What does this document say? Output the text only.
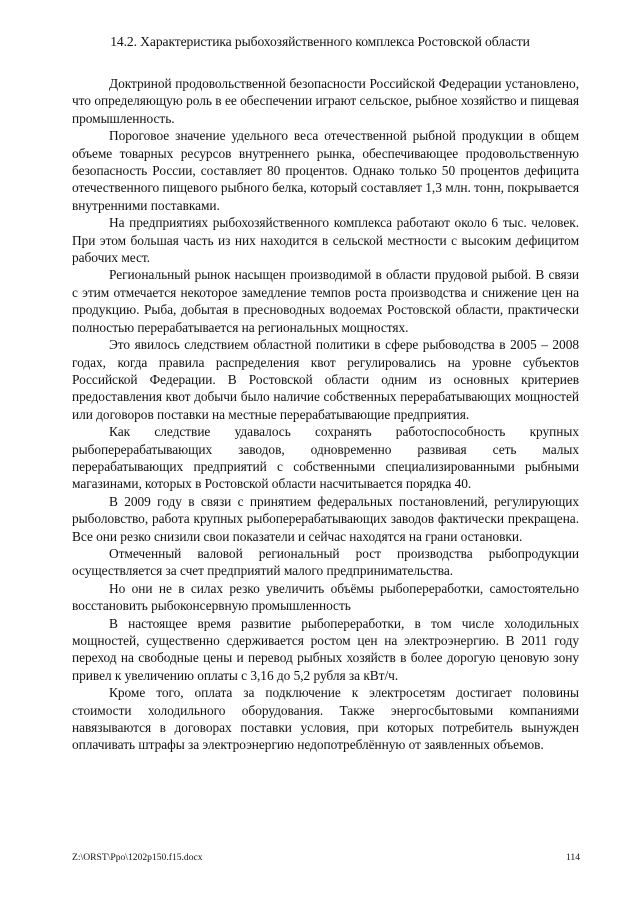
14.2. Характеристика рыбохозяйственного комплекса Ростовской области

Доктриной продовольственной безопасности Российской Федерации установлено, что определяющую роль в ее обеспечении играют сельское, рыбное хозяйство и пищевая промышленность.

Пороговое значение удельного веса отечественной рыбной продукции в общем объеме товарных ресурсов внутреннего рынка, обеспечивающее продовольственную безопасность России, составляет 80 процентов. Однако только 50 процентов дефицита отечественного пищевого рыбного белка, который составляет 1,3 млн. тонн, покрывается внутренними поставками.

На предприятиях рыбохозяйственного комплекса работают около 6 тыс. человек. При этом большая часть из них находится в сельской местности с высоким дефицитом рабочих мест.

Региональный рынок насыщен производимой в области прудовой рыбой. В связи с этим отмечается некоторое замедление темпов роста производства и снижение цен на продукцию. Рыба, добытая в пресноводных водоемах Ростовской области, практически полностью перерабатывается на региональных мощностях.

Это явилось следствием областной политики в сфере рыбоводства в 2005 – 2008 годах, когда правила распределения квот регулировались на уровне субъектов Российской Федерации. В Ростовской области одним из основных критериев предоставления квот добычи было наличие собственных перерабатывающих мощностей или договоров поставки на местные перерабатывающие предприятия.

Как следствие удавалось сохранять работоспособность крупных рыбоперерабатывающих заводов, одновременно развивая сеть малых перерабатывающих предприятий с собственными специализированными рыбными магазинами, которых в Ростовской области насчитывается порядка 40.

В 2009 году в связи с принятием федеральных постановлений, регулирующих рыболовство, работа крупных рыбоперерабатывающих заводов фактически прекращена. Все они резко снизили свои показатели и сейчас находятся на грани остановки.

Отмеченный валовой региональный рост производства рыбопродукции осуществляется за счет предприятий малого предпринимательства.

Но они не в силах резко увеличить объёмы рыбопереработки, самостоятельно восстановить рыбоконсервную промышленность

В настоящее время развитие рыбопереработки, в том числе холодильных мощностей, существенно сдерживается ростом цен на электроэнергию. В 2011 году переход на свободные цены и перевод рыбных хозяйств в более дорогую ценовую зону привел к увеличению оплаты с 3,16 до 5,2 рубля за кВт/ч.

Кроме того, оплата за подключение к электросетям достигает половины стоимости холодильного оборудования. Также энергосбытовыми компаниями навязываются в договорах поставки условия, при которых потребитель вынужден оплачивать штрафы за электроэнергию недопотреблённую от заявленных объемов.

Z:\ORST\Ppo\1202p150.f15.docx	114
